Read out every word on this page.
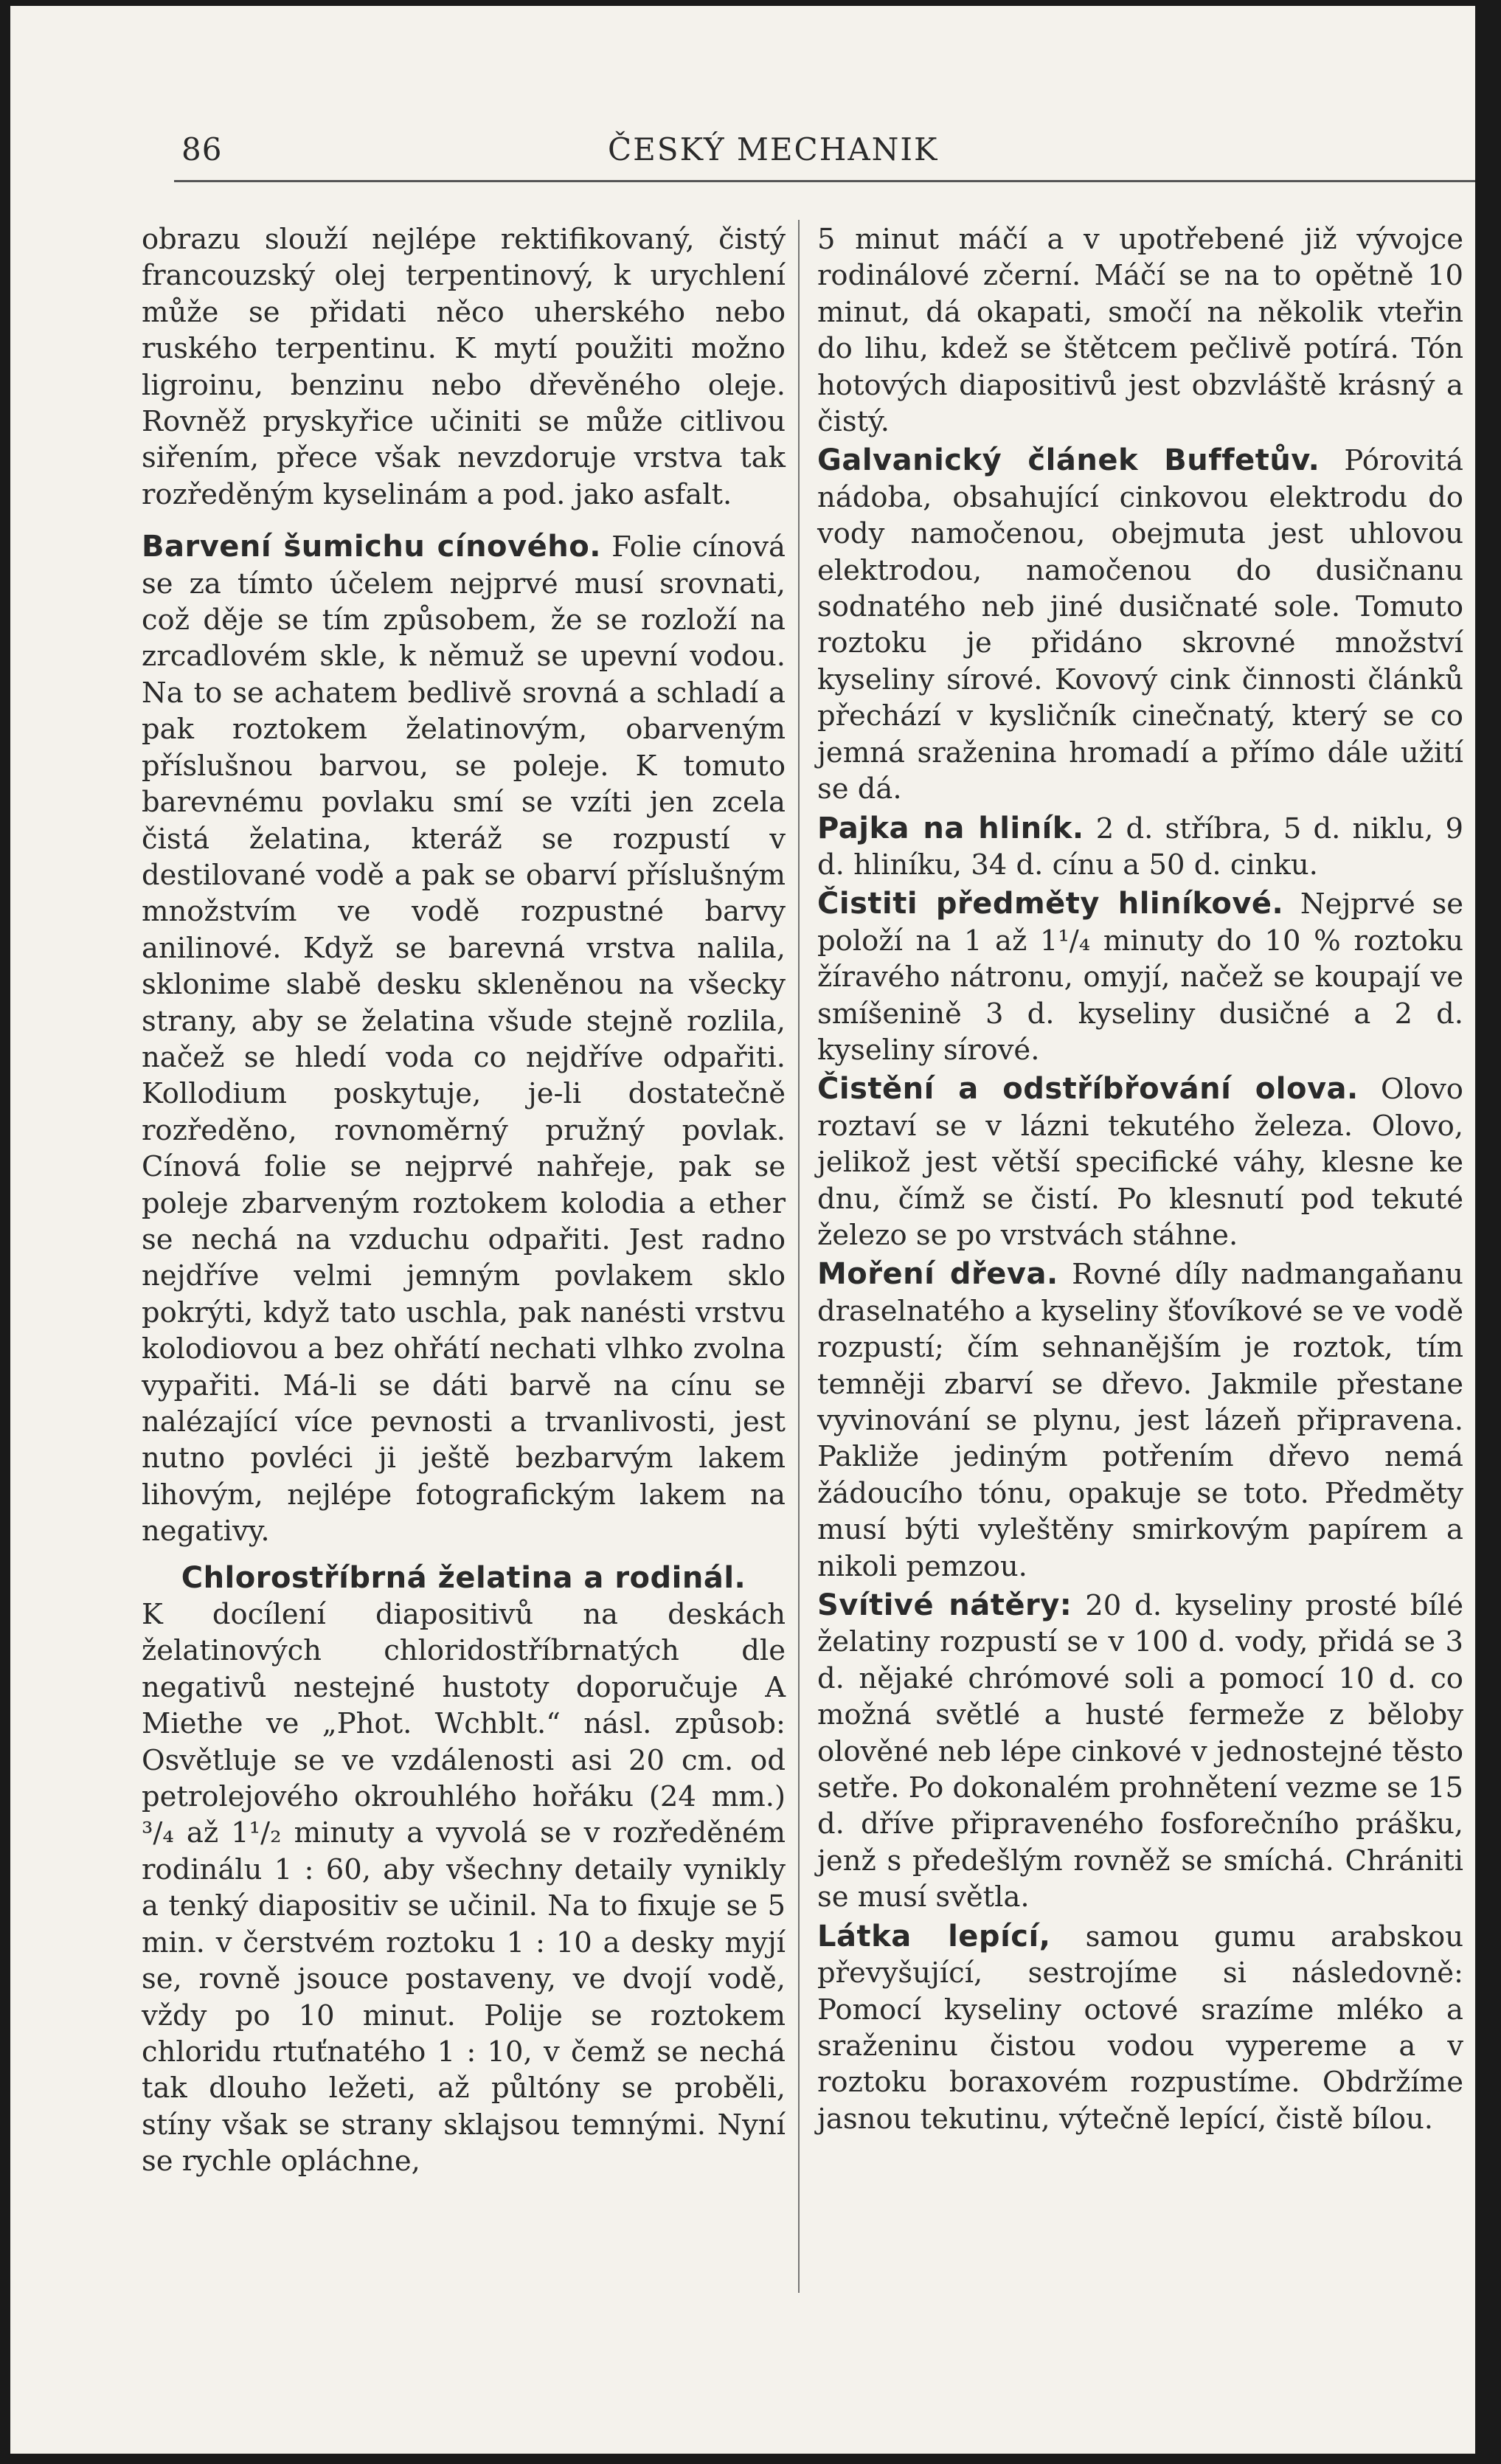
86	ČESKÝ MECHANIK

obrazu slouží nejlépe rektifikovaný, čistý francouzský olej terpentinový, k urychlení může se přidati něco uherského nebo ruského terpentinu. K mytí použiti možno ligroinu, benzinu nebo dřevěného oleje. Rovněž pryskyřice učiniti se může citlivou siřením, přece však nevzdoruje vrstva tak rozředěným kyselinám a pod. jako asfalt.

Barvení šumichu cínového. Folie cínová se za tímto účelem nejprvé musí srovnati, což děje se tím způsobem, že se rozloží na zrcadlovém skle, k němuž se upevní vodou. Na to se achatem bedlivě srovná a schladí a pak roztokem želatinovým, obarveným příslušnou barvou, se poleje. K tomuto barevnému povlaku smí se vzíti jen zcela čistá želatina, kteráž se rozpustí v destilované vodě a pak se obarví příslušným množstvím ve vodě rozpustné barvy anilinové. Když se barevná vrstva nalila, sklonime slabě desku skleněnou na všecky strany, aby se želatina všude stejně rozlila, načež se hledí voda co nejdříve odpařiti. Kollodium poskytuje, je-li dostatečně rozředěno, rovnoměrný pružný povlak. Cínová folie se nejprvé nahřeje, pak se poleje zbarveným roztokem kolodia a ether se nechá na vzduchu odpařiti. Jest radno nejdříve velmi jemným povlakem sklo pokrýti, když tato uschla, pak nanésti vrstvu kolodiovou a bez ohřátí nechati vlhko zvolna vypařiti. Má-li se dáti barvě na cínu se nalézající více pevnosti a trvanlivosti, jest nutno povléci ji ještě bezbarvým lakem lihovým, nejlépe fotografickým lakem na negativy.

Chlorostříbrná želatina a rodinál.
K docílení diapositivů na deskách želatinových chloridostříbrnatých dle negativů nestejné hustoty doporučuje A Miethe ve „Phot. Wchblt.“ násl. způsob: Osvětluje se ve vzdálenosti asi 20 cm. od petrolejového okrouhlého hořáku (24 mm.) ³/₄ až 1¹/₂ minuty a vyvolá se v rozředěném rodinálu 1 : 60, aby všechny detaily vynikly a tenký diapositiv se učinil. Na to fixuje se 5 min. v čerstvém roztoku 1 : 10 a desky myjí se, rovně jsouce postaveny, ve dvojí vodě, vždy po 10 minut. Polije se roztokem chloridu rtuťnatého 1 : 10, v čemž se nechá tak dlouho ležeti, až půltóny se proběli, stíny však se strany sklajsou temnými. Nyní se rychle opláchne,

5 minut máčí a v upotřebené již vývojce rodinálové zčerní. Máčí se na to opětně 10 minut, dá okapati, smočí na několik vteřin do lihu, kdež se štětcem pečlivě potírá. Tón hotových diapositivů jest obzvláště krásný a čistý.

Galvanický článek Buffetův. Pórovitá nádoba, obsahující cinkovou elektrodu do vody namočenou, obejmuta jest uhlovou elektrodou, namočenou do dusičnanu sodnatého neb jiné dusičnaté sole. Tomuto roztoku je přidáno skrovné množství kyseliny sírové. Kovový cink činnosti článků přechází v kysličník cinečnatý, který se co jemná sraženina hromadí a přímo dále užití se dá.

Pajka na hliník. 2 d. stříbra, 5 d. niklu, 9 d. hliníku, 34 d. cínu a 50 d. cinku.

Čistiti předměty hliníkové. Nejprvé se položí na 1 až 1¹/₄ minuty do 10 % roztoku žíravého nátronu, omyjí, načež se koupají ve smíšenině 3 d. kyseliny dusičné a 2 d. kyseliny sírové.

Čistění a odstříbřování olova. Olovo roztaví se v lázni tekutého železa. Olovo, jelikož jest větší specifické váhy, klesne ke dnu, čímž se čistí. Po klesnutí pod tekuté železo se po vrstvách stáhne.

Moření dřeva. Rovné díly nadmangaňanu draselnatého a kyseliny šťovíkové se ve vodě rozpustí; čím sehnanějším je roztok, tím temněji zbarví se dřevo. Jakmile přestane vyvinování se plynu, jest lázeň připravena. Pakliže jediným potřením dřevo nemá žádoucího tónu, opakuje se toto. Předměty musí býti vyleštěny smirkovým papírem a nikoli pemzou.

Svítivé nátěry: 20 d. kyseliny prosté bílé želatiny rozpustí se v 100 d. vody, přidá se 3 d. nějaké chrómové soli a pomocí 10 d. co možná světlé a husté fermeže z běloby olověné neb lépe cinkové v jednostejné těsto setře. Po dokonalém prohnětení vezme se 15 d. dříve připraveného fosforečního prášku, jenž s předešlým rovněž se smíchá. Chrániti se musí světla.

Látka lepící, samou gumu arabskou převyšující, sestrojíme si následovně: Pomocí kyseliny octové srazíme mléko a sraženinu čistou vodou vypereme a v roztoku boraxovém rozpustíme. Obdržíme jasnou tekutinu, výtečně lepící, čistě bílou.
